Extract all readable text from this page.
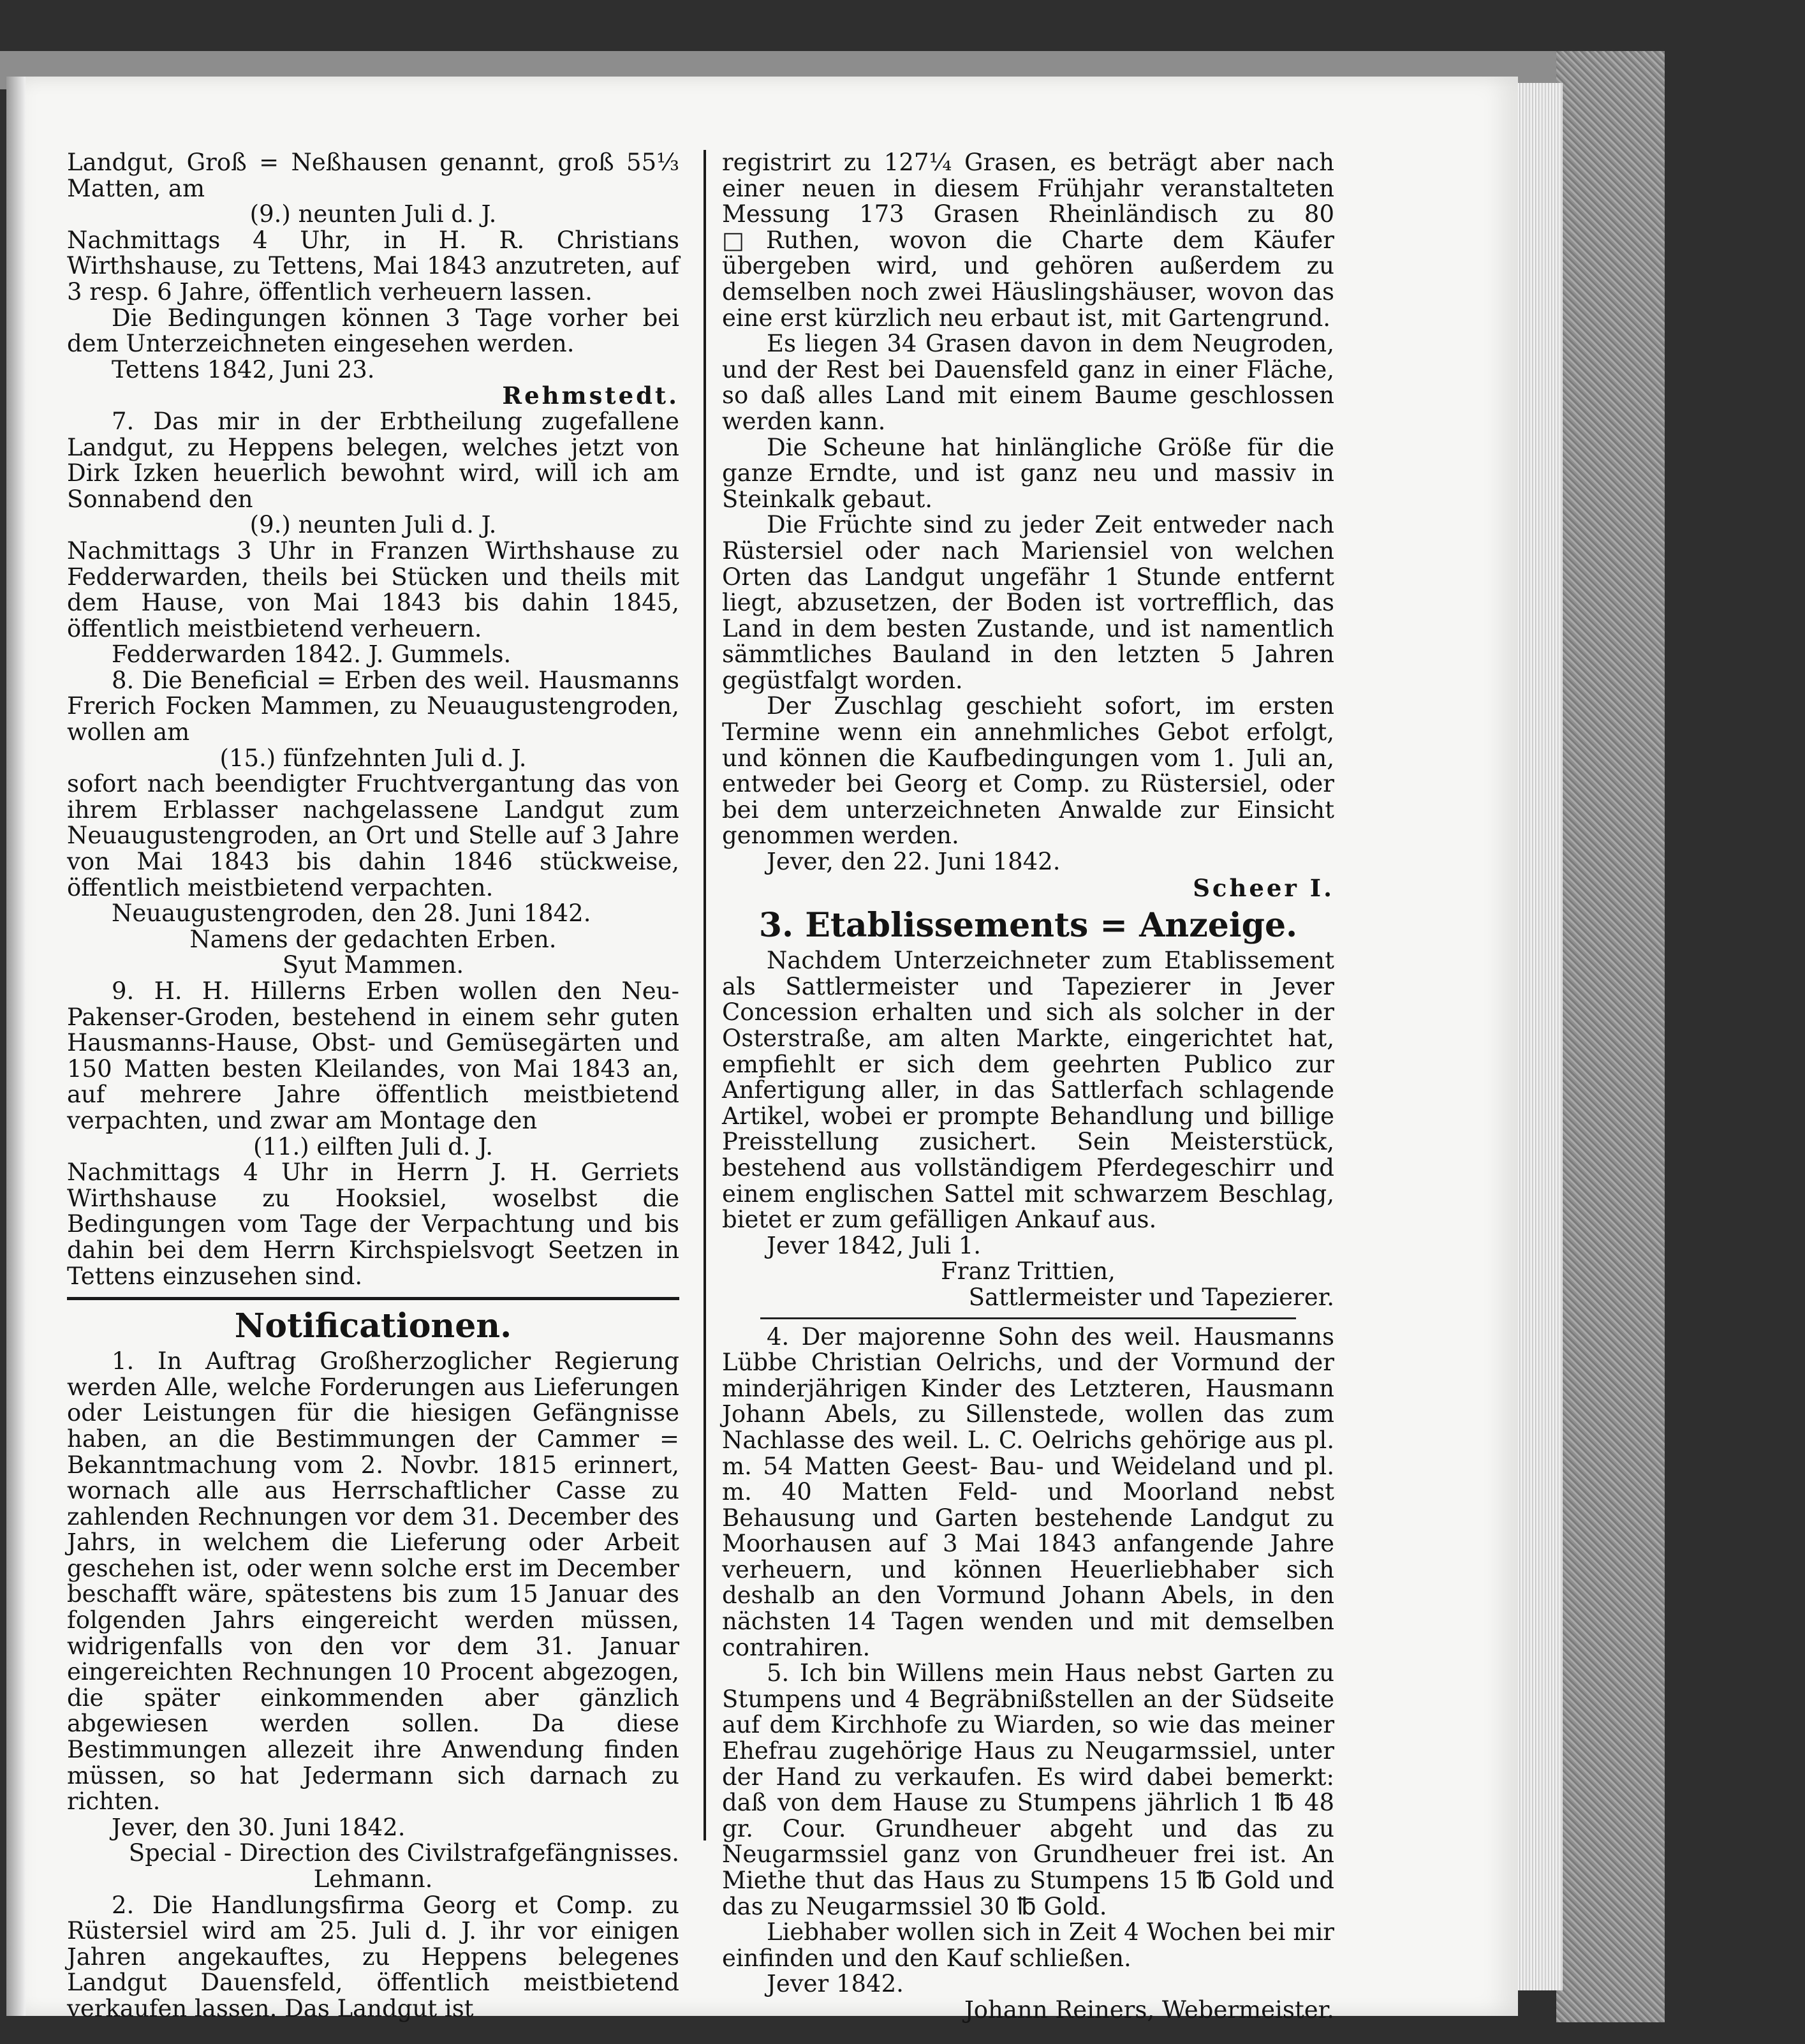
Landgut, Groß = Neßhausen genannt, groß 55⅓ Matten, am
(9.) neunten Juli d. J.
Nachmittags 4 Uhr, in H. R. Christians Wirthshause, zu Tettens, Mai 1843 anzutreten, auf 3 resp. 6 Jahre, öffentlich verheuern lassen.
Die Bedingungen können 3 Tage vorher bei dem Unterzeichneten eingesehen werden.
Tettens 1842, Juni 23.
Rehmstedt.
7. Das mir in der Erbtheilung zugefallene Landgut, zu Heppens belegen, welches jetzt von Dirk Izken heuerlich bewohnt wird, will ich am Sonnabend den
(9.) neunten Juli d. J.
Nachmittags 3 Uhr in Franzen Wirthshause zu Fedderwarden, theils bei Stücken und theils mit dem Hause, von Mai 1843 bis dahin 1845, öffentlich meistbietend verheuern.
Fedderwarden 1842. J. Gummels.
8. Die Beneficial = Erben des weil. Hausmanns Frerich Focken Mammen, zu Neuaugustengroden, wollen am
(15.) fünfzehnten Juli d. J.
sofort nach beendigter Fruchtvergantung das von ihrem Erblasser nachgelassene Landgut zum Neuaugustengroden, an Ort und Stelle auf 3 Jahre von Mai 1843 bis dahin 1846 stückweise, öffentlich meistbietend verpachten.
Neuaugustengroden, den 28. Juni 1842.
Namens der gedachten Erben.
Syut Mammen.
9. H. H. Hillerns Erben wollen den Neu-Pakenser-Groden, bestehend in einem sehr guten Hausmanns-Hause, Obst- und Gemüsegärten und 150 Matten besten Kleilandes, von Mai 1843 an, auf mehrere Jahre öffentlich meistbietend verpachten, und zwar am Montage den
(11.) eilften Juli d. J.
Nachmittags 4 Uhr in Herrn J. H. Gerriets Wirthshause zu Hooksiel, woselbst die Bedingungen vom Tage der Verpachtung und bis dahin bei dem Herrn Kirchspielsvogt Seetzen in Tettens einzusehen sind.
Notificationen.
1. In Auftrag Großherzoglicher Regierung werden Alle, welche Forderungen aus Lieferungen oder Leistungen für die hiesigen Gefängnisse haben, an die Bestimmungen der Cammer = Bekanntmachung vom 2. Novbr. 1815 erinnert, wornach alle aus Herrschaftlicher Casse zu zahlenden Rechnungen vor dem 31. December des Jahrs, in welchem die Lieferung oder Arbeit geschehen ist, oder wenn solche erst im December beschafft wäre, spätestens bis zum 15 Januar des folgenden Jahrs eingereicht werden müssen, widrigenfalls von den vor dem 31. Januar eingereichten Rechnungen 10 Procent abgezogen, die später einkommenden aber gänzlich abgewiesen werden sollen. Da diese Bestimmungen allezeit ihre Anwendung finden müssen, so hat Jedermann sich darnach zu richten.
Jever, den 30. Juni 1842.
Special - Direction des Civilstrafgefängnisses.
Lehmann.
2. Die Handlungsfirma Georg et Comp. zu Rüstersiel wird am 25. Juli d. J. ihr vor einigen Jahren angekauftes, zu Heppens belegenes Landgut Dauensfeld, öffentlich meistbietend verkaufen lassen. Das Landgut ist
registrirt zu 127¼ Grasen, es beträgt aber nach einer neuen in diesem Frühjahr veranstalteten Messung 173 Grasen Rheinländisch zu 80 □Ruthen, wovon die Charte dem Käufer übergeben wird, und gehören außerdem zu demselben noch zwei Häuslingshäuser, wovon das eine erst kürzlich neu erbaut ist, mit Gartengrund.
Es liegen 34 Grasen davon in dem Neugroden, und der Rest bei Dauensfeld ganz in einer Fläche, so daß alles Land mit einem Baume geschlossen werden kann.
Die Scheune hat hinlängliche Größe für die ganze Erndte, und ist ganz neu und massiv in Steinkalk gebaut.
Die Früchte sind zu jeder Zeit entweder nach Rüstersiel oder nach Mariensiel von welchen Orten das Landgut ungefähr 1 Stunde entfernt liegt, abzusetzen, der Boden ist vortrefflich, das Land in dem besten Zustande, und ist namentlich sämmtliches Bauland in den letzten 5 Jahren gegüstfalgt worden.
Der Zuschlag geschieht sofort, im ersten Termine wenn ein annehmliches Gebot erfolgt, und können die Kaufbedingungen vom 1. Juli an, entweder bei Georg et Comp. zu Rüstersiel, oder bei dem unterzeichneten Anwalde zur Einsicht genommen werden.
Jever, den 22. Juni 1842.
Scheer I.
3. Etablissements = Anzeige.
Nachdem Unterzeichneter zum Etablissement als Sattlermeister und Tapezierer in Jever Concession erhalten und sich als solcher in der Osterstraße, am alten Markte, eingerichtet hat, empfiehlt er sich dem geehrten Publico zur Anfertigung aller, in das Sattlerfach schlagende Artikel, wobei er prompte Behandlung und billige Preisstellung zusichert. Sein Meisterstück, bestehend aus vollständigem Pferdegeschirr und einem englischen Sattel mit schwarzem Beschlag, bietet er zum gefälligen Ankauf aus.
Jever 1842, Juli 1.
Franz Trittien,
Sattlermeister und Tapezierer.
4. Der majorenne Sohn des weil. Hausmanns Lübbe Christian Oelrichs, und der Vormund der minderjährigen Kinder des Letzteren, Hausmann Johann Abels, zu Sillenstede, wollen das zum Nachlasse des weil. L. C. Oelrichs gehörige aus pl. m. 54 Matten Geest- Bau- und Weideland und pl. m. 40 Matten Feld- und Moorland nebst Behausung und Garten bestehende Landgut zu Moorhausen auf 3 Mai 1843 anfangende Jahre verheuern, und können Heuerliebhaber sich deshalb an den Vormund Johann Abels, in den nächsten 14 Tagen wenden und mit demselben contrahiren.
5. Ich bin Willens mein Haus nebst Garten zu Stumpens und 4 Begräbnißstellen an der Südseite auf dem Kirchhofe zu Wiarden, so wie das meiner Ehefrau zugehörige Haus zu Neugarmssiel, unter der Hand zu verkaufen. Es wird dabei bemerkt: daß von dem Hause zu Stumpens jährlich 1 ℔ 48 gr. Cour. Grundheuer abgeht und das zu Neugarmssiel ganz von Grundheuer frei ist. An Miethe thut das Haus zu Stumpens 15 ℔ Gold und das zu Neugarmssiel 30 ℔ Gold.
Liebhaber wollen sich in Zeit 4 Wochen bei mir einfinden und den Kauf schließen.
Jever 1842.
Johann Reiners, Webermeister.
